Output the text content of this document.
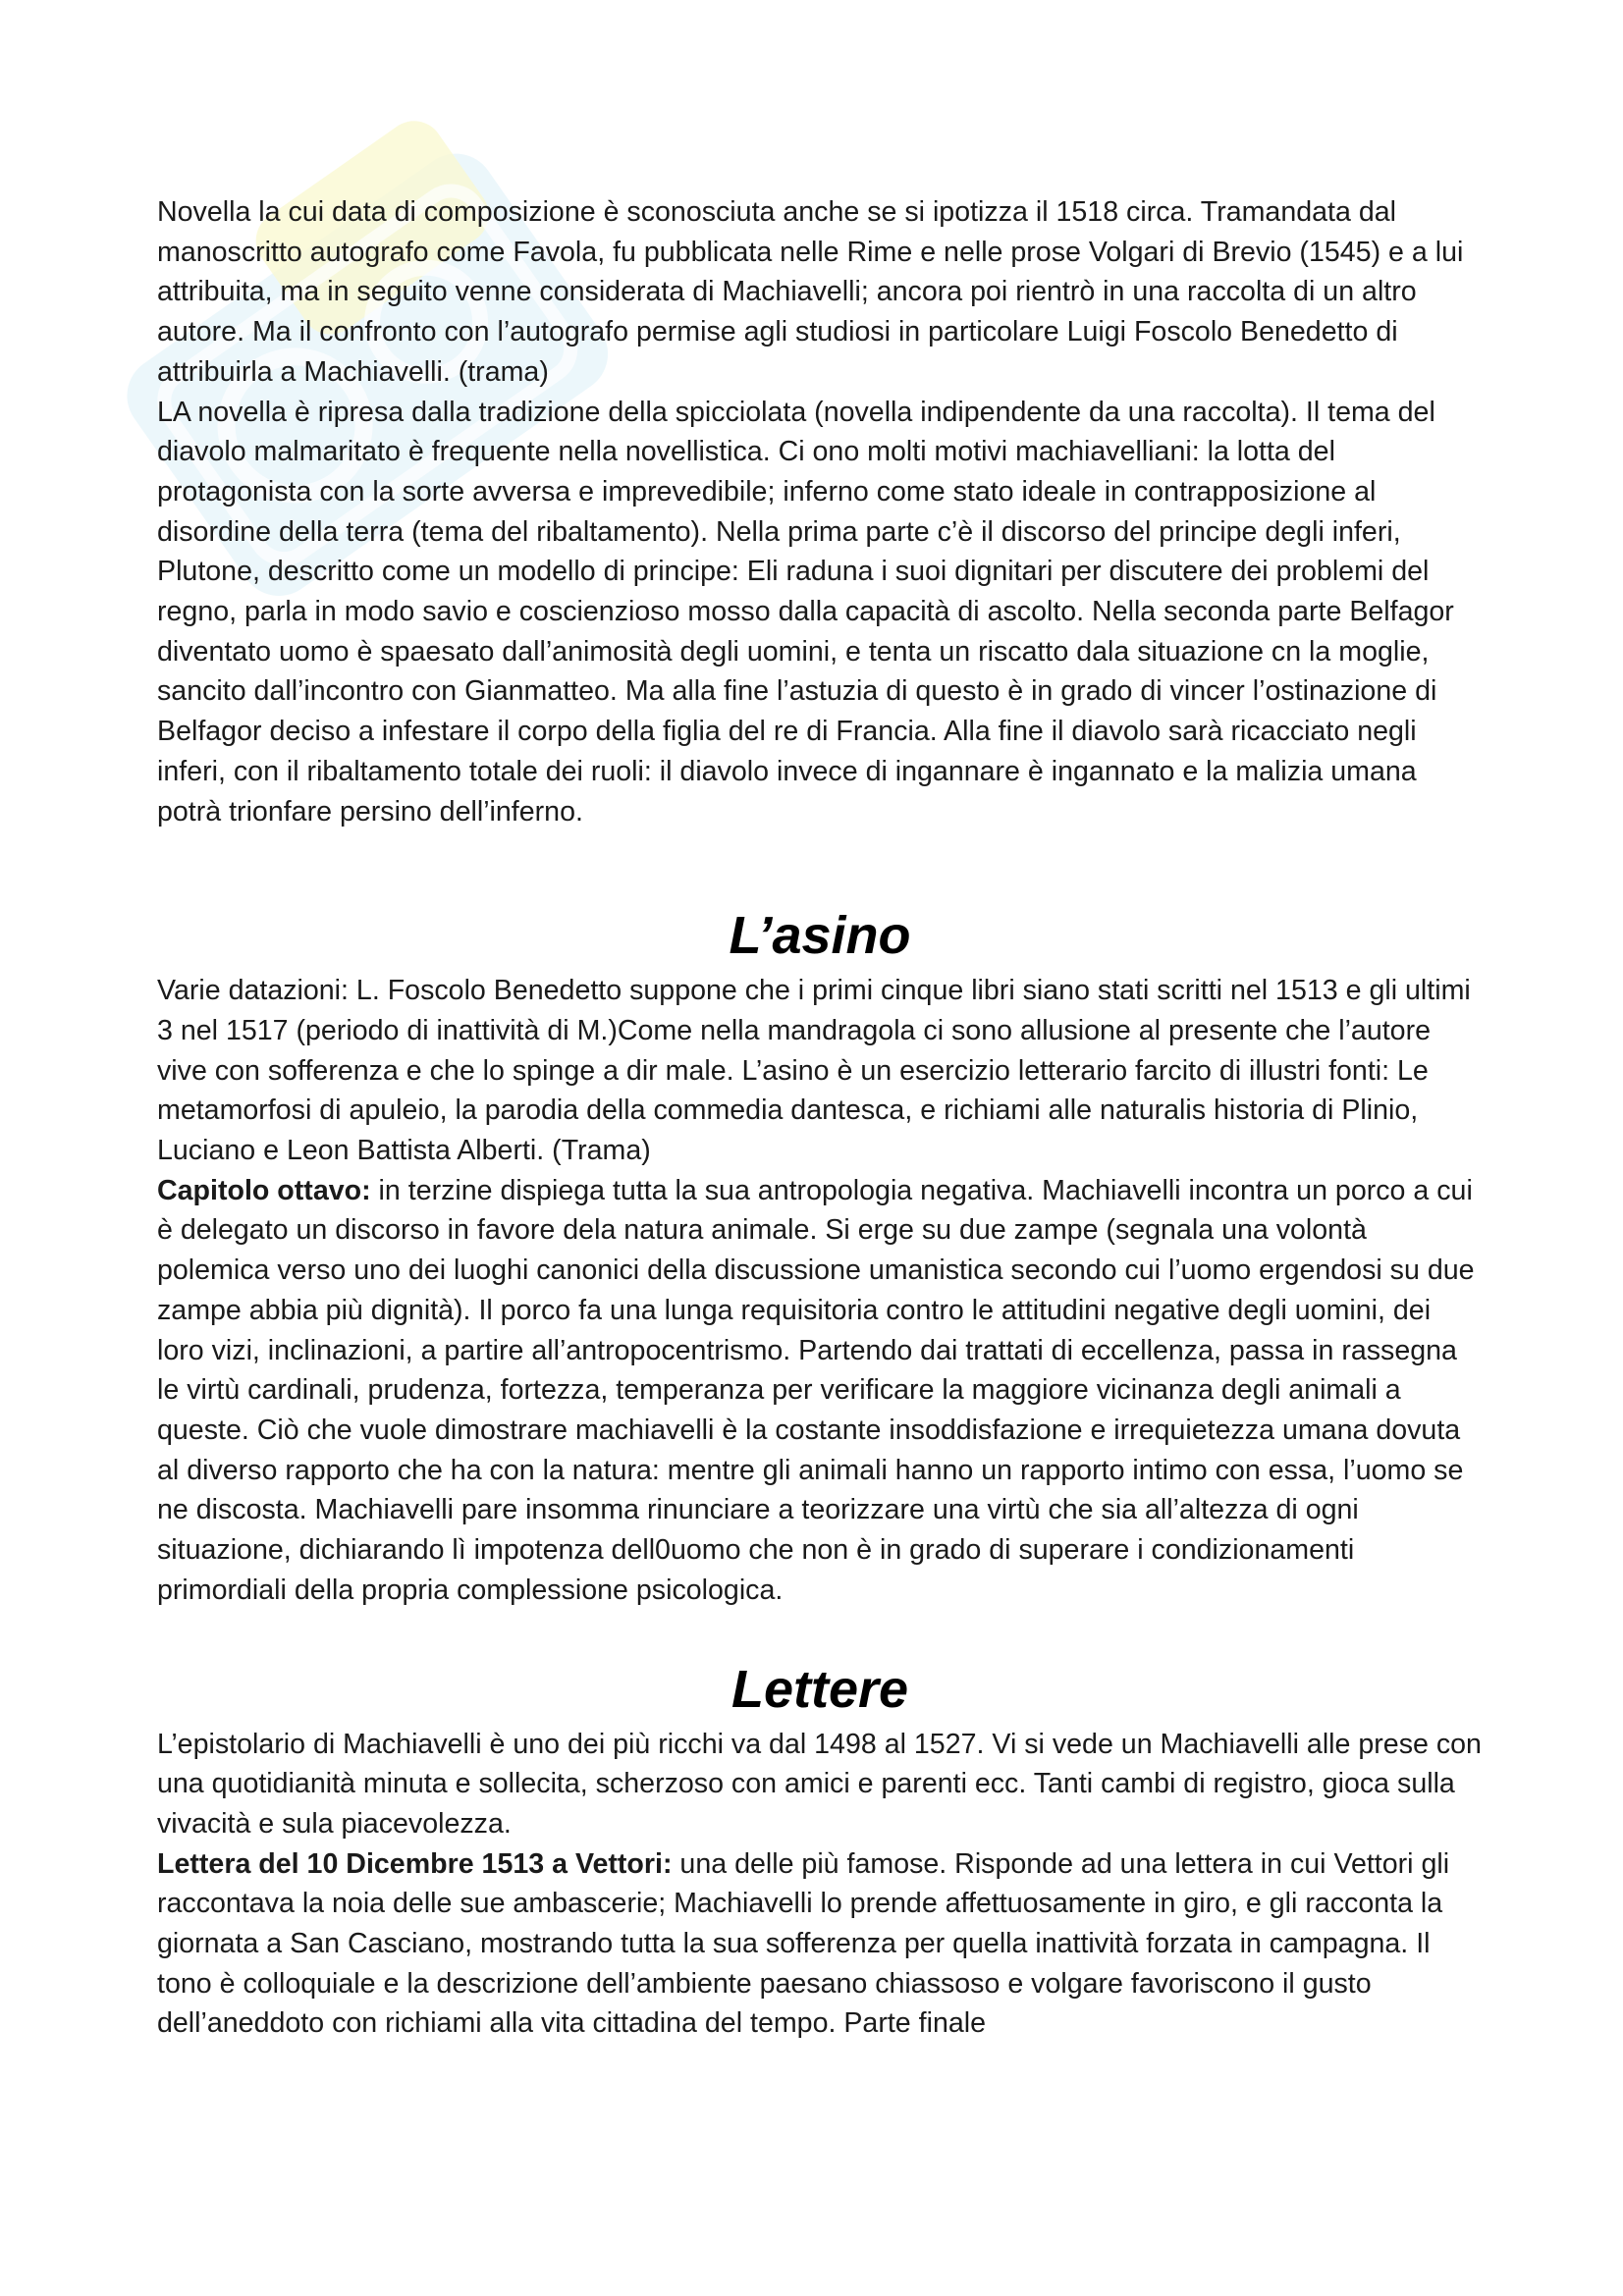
Novella la cui data di composizione è sconosciuta anche se si ipotizza il 1518 circa. Tramandata dal manoscritto autografo come Favola, fu pubblicata nelle Rime e nelle prose Volgari di Brevio (1545) e a lui attribuita, ma in seguito venne considerata di Machiavelli; ancora poi rientrò in una raccolta di un altro autore. Ma il confronto con l’autografo permise agli studiosi in particolare Luigi Foscolo Benedetto di attribuirla a Machiavelli. (trama)

LA novella è ripresa dalla tradizione della spicciolata (novella indipendente da una raccolta). Il tema del diavolo malmaritato è frequente nella novellistica. Ci ono molti motivi machiavelliani: la lotta del protagonista con la sorte avversa e imprevedibile; inferno come stato ideale in contrapposizione al disordine della terra (tema del ribaltamento). Nella prima parte c’è il discorso del principe degli inferi, Plutone, descritto come un modello di principe: Eli raduna i suoi dignitari per discutere dei problemi del regno, parla in modo savio e coscienzioso mosso dalla capacità di ascolto. Nella seconda parte Belfagor diventato uomo è spaesato dall’animosità degli uomini, e tenta un riscatto dala situazione cn la moglie, sancito dall’incontro con Gianmatteo. Ma alla fine l’astuzia di questo è in grado di vincer l’ostinazione di Belfagor deciso a infestare il corpo della figlia del re di Francia. Alla fine il diavolo sarà ricacciato negli inferi, con il ribaltamento totale dei ruoli: il diavolo invece di ingannare è ingannato e la malizia umana potrà trionfare persino dell’inferno.

L’asino

Varie datazioni: L. Foscolo Benedetto suppone che i primi cinque libri siano stati scritti nel 1513 e gli ultimi 3 nel 1517 (periodo di inattività di M.)Come nella mandragola ci sono allusione al presente che l’autore vive con sofferenza e che lo spinge a dir male. L’asino è un esercizio letterario farcito di illustri fonti: Le metamorfosi di apuleio, la parodia della commedia dantesca, e richiami alle naturalis historia di Plinio, Luciano e Leon Battista Alberti. (Trama)

Capitolo ottavo: in terzine dispiega tutta la sua antropologia negativa. Machiavelli incontra un porco a cui è delegato un discorso in favore dela natura animale. Si erge su due zampe (segnala una volontà polemica verso uno dei luoghi canonici della discussione umanistica secondo cui l’uomo ergendosi su due zampe abbia più dignità). Il porco fa una lunga requisitoria contro le attitudini negative degli uomini, dei loro vizi, inclinazioni, a partire all’antropocentrismo. Partendo dai trattati di eccellenza, passa in rassegna le virtù cardinali, prudenza, fortezza, temperanza per verificare la maggiore vicinanza degli animali a queste. Ciò che vuole dimostrare machiavelli è la costante insoddisfazione e irrequietezza umana dovuta al diverso rapporto che ha con la natura: mentre gli animali hanno un rapporto intimo con essa, l’uomo se ne discosta. Machiavelli pare insomma rinunciare a teorizzare una virtù che sia all’altezza di ogni situazione, dichiarando lì impotenza dell0uomo che non è in grado di superare i condizionamenti primordiali della propria complessione psicologica.

Lettere

L’epistolario di Machiavelli è uno dei più ricchi va dal 1498 al 1527. Vi si vede un Machiavelli alle prese con una quotidianità minuta e sollecita, scherzoso con amici e parenti ecc. Tanti cambi di registro, gioca sulla vivacità e sula piacevolezza.

Lettera del 10 Dicembre 1513 a Vettori: una delle più famose. Risponde ad una lettera in cui Vettori gli raccontava la noia delle sue ambascerie; Machiavelli lo prende affettuosamente in giro, e gli racconta la giornata a San Casciano, mostrando tutta la sua sofferenza per quella inattività forzata in campagna. Il tono è colloquiale e la descrizione dell’ambiente paesano chiassoso e volgare favoriscono il gusto dell’aneddoto con richiami alla vita cittadina del tempo. Parte finale
